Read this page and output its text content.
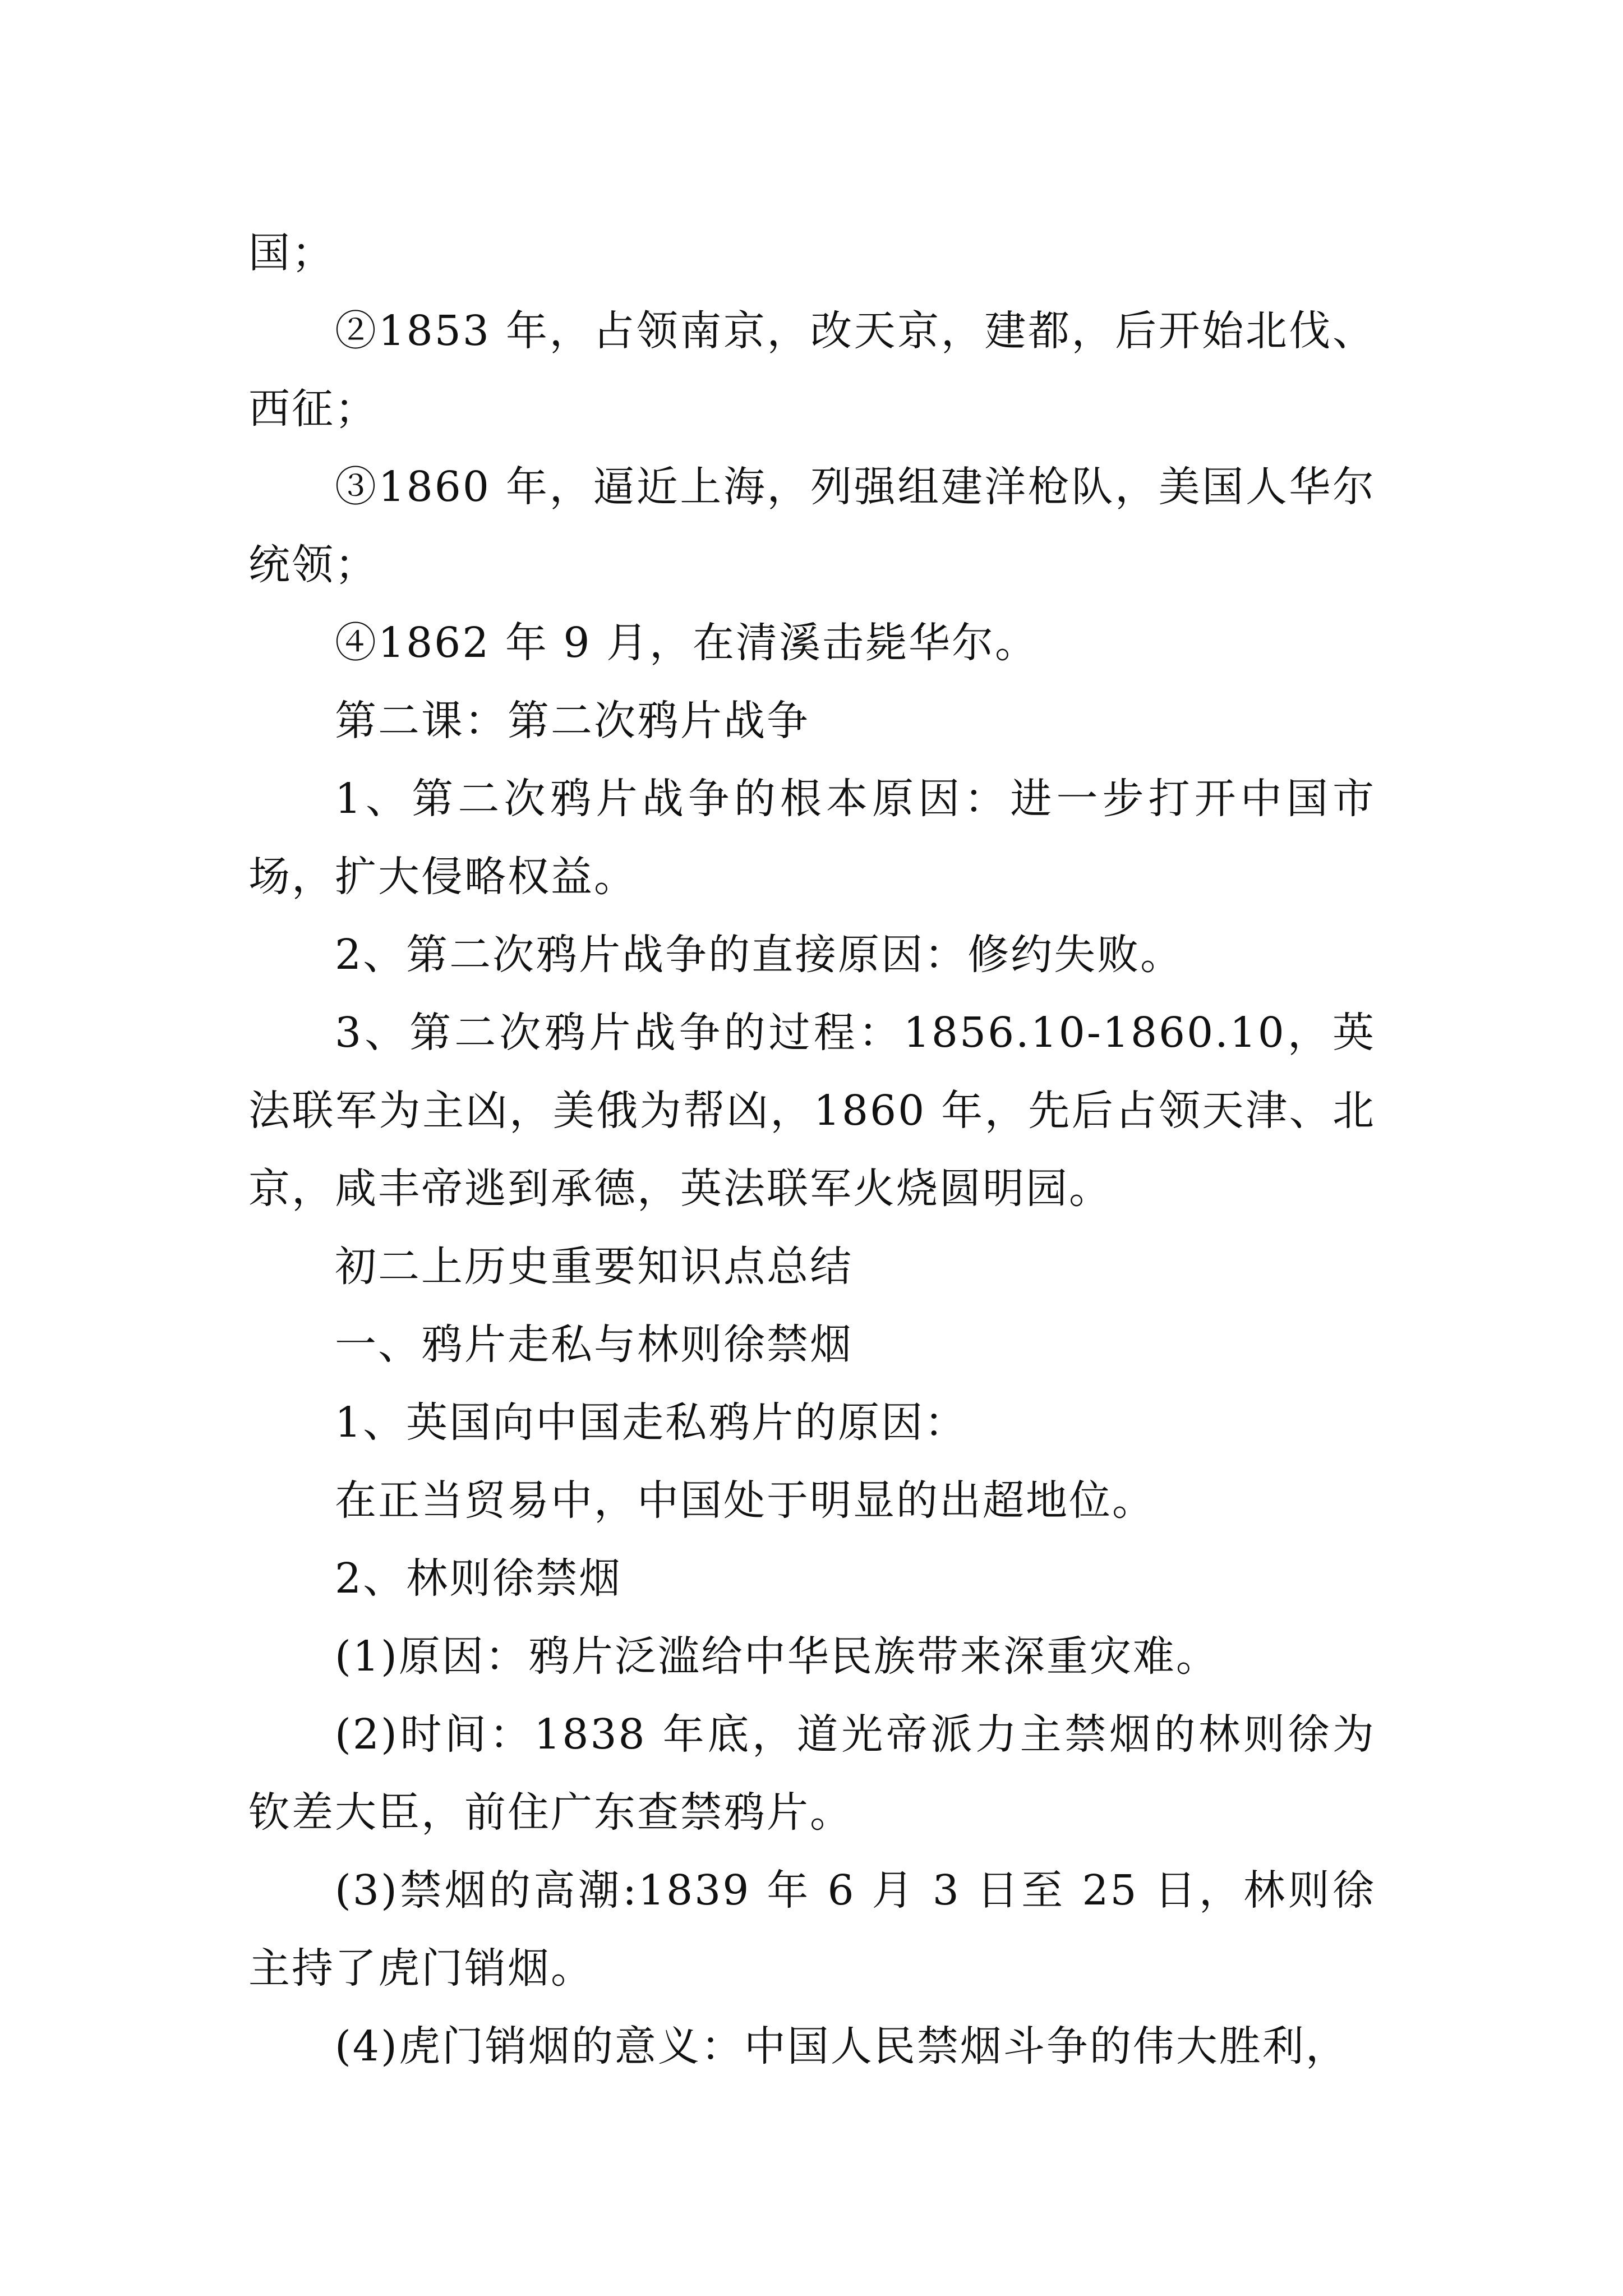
国；

②1853 年，占领南京，改天京，建都，后开始北伐、西征；

③1860 年，逼近上海，列强组建洋枪队，美国人华尔统领；

④1862 年 9 月，在清溪击毙华尔。

第二课：第二次鸦片战争

1、第二次鸦片战争的根本原因：进一步打开中国市场，扩大侵略权益。

2、第二次鸦片战争的直接原因：修约失败。

3、第二次鸦片战争的过程：1856.10-1860.10，英法联军为主凶，美俄为帮凶，1860 年，先后占领天津、北京，咸丰帝逃到承德，英法联军火烧圆明园。

初二上历史重要知识点总结

一、鸦片走私与林则徐禁烟

1、英国向中国走私鸦片的原因：

在正当贸易中，中国处于明显的出超地位。

2、林则徐禁烟

(1)原因：鸦片泛滥给中华民族带来深重灾难。

(2)时间：1838 年底，道光帝派力主禁烟的林则徐为钦差大臣，前住广东查禁鸦片。

(3)禁烟的高潮:1839 年 6 月 3 日至 25 日，林则徐主持了虎门销烟。

(4)虎门销烟的意义：中国人民禁烟斗争的伟大胜利，
